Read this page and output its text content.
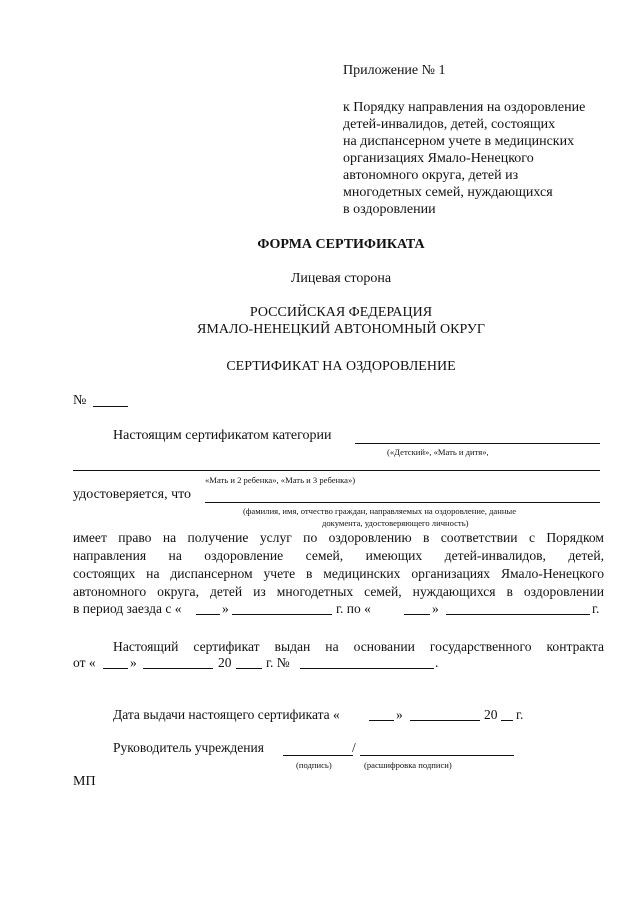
Приложение № 1
к Порядку направления на оздоровление
детей-инвалидов, детей, состоящих
на диспансерном учете в медицинских
организациях Ямало-Ненецкого
автономного округа, детей из
многодетных семей, нуждающихся
в оздоровлении
ФОРМА СЕРТИФИКАТА
Лицевая сторона
РОССИЙСКАЯ ФЕДЕРАЦИЯ
ЯМАЛО-НЕНЕЦКИЙ АВТОНОМНЫЙ ОКРУГ
СЕРТИФИКАТ НА ОЗДОРОВЛЕНИЕ
№
Настоящим сертификатом категории
(«Детский», «Мать и дитя»,
«Мать и 2 ребенка», «Мать и 3 ребенка»)
удостоверяется, что
(фамилия, имя, отчество граждан, направляемых на оздоровление, данные
документа, удостоверяющего личность)
имеет право на получение услуг по оздоровлению в соответствии с Порядком
направления на оздоровление семей, имеющих детей-инвалидов, детей,
состоящих на диспансерном учете в медицинских организациях Ямало-Ненецкого
автономного округа, детей из многодетных семей, нуждающихся в оздоровлении
в период заезда с «	»	г. по «	»	г.
Настоящий сертификат выдан на основании государственного контракта
от «	»	20	г. №	.
Дата выдачи настоящего сертификата «	»	20 г.
Руководитель учреждения	/
(подпись)	(расшифровка подписи)
МП
